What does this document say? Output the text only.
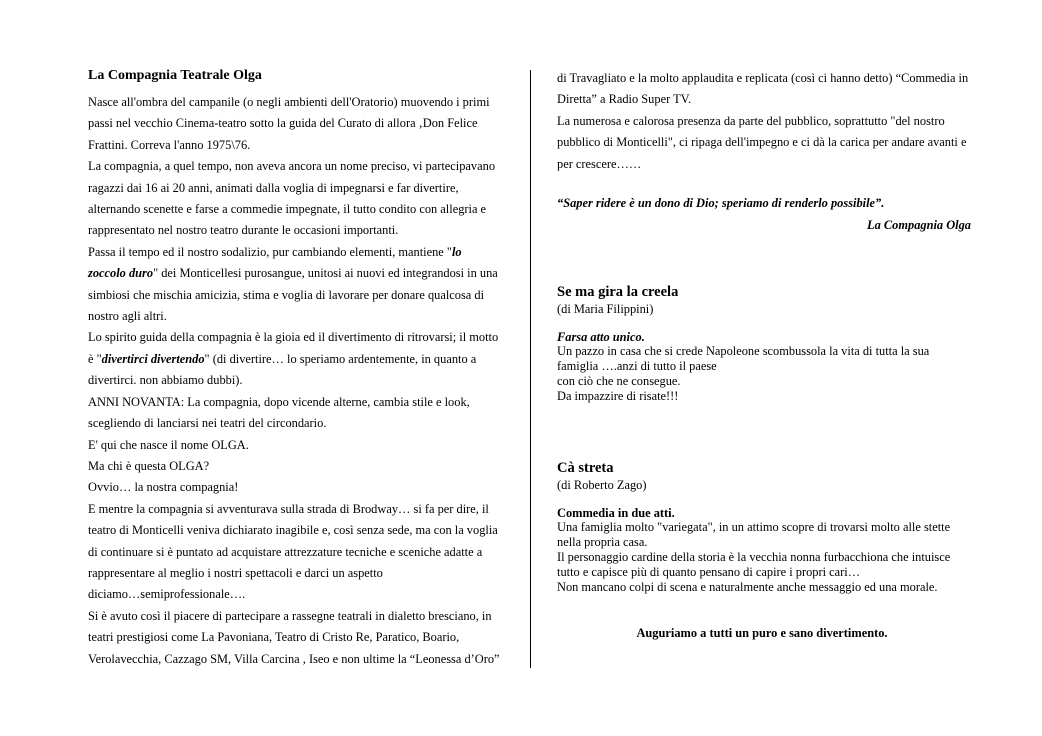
La Compagnia Teatrale Olga
Nasce all'ombra del campanile (o negli ambienti dell'Oratorio) muovendo i primi
passi nel vecchio Cinema-teatro sotto la guida del Curato di allora ‚Don Felice
Frattini. Correva l'anno 1975\76.
La compagnia, a quel tempo, non aveva ancora un nome preciso, vi partecipavano
ragazzi dai 16 ai 20 anni, animati dalla voglia di impegnarsi e far divertire,
alternando scenette e farse a commedie impegnate, il tutto condito con allegria e
rappresentato nel nostro teatro durante le occasioni importanti.
Passa il tempo ed il nostro sodalizio, pur cambiando elementi, mantiene "lo
zoccolo duro" dei Monticellesi purosangue, unitosi ai nuovi ed integrandosi in una
simbiosi che mischia amicizia, stima e voglia di lavorare per donare qualcosa di
nostro agli altri.
Lo spirito guida della compagnia è la gioia ed il divertimento di ritrovarsi; il motto
è "divertirci divertendo" (di divertire… lo speriamo ardentemente, in quanto a
divertirci. non abbiamo dubbi).
ANNI NOVANTA: La compagnia, dopo vicende alterne, cambia stile e look,
scegliendo di lanciarsi nei teatri del circondario.
E' qui che nasce il nome OLGA.
Ma chi è questa OLGA?
Ovvio… la nostra compagnia!
E mentre la compagnia si avventurava sulla strada di Brodway… si fa per dire, il
teatro di Monticelli veniva dichiarato inagibile e, così senza sede, ma con la voglia
di continuare si è puntato ad acquistare attrezzature tecniche e sceniche adatte a
rappresentare al meglio i nostri spettacoli e darci un aspetto
diciamo…semiprofessionale….
Si è avuto così il piacere di partecipare a rassegne teatrali in dialetto bresciano, in
teatri prestigiosi come La Pavoniana, Teatro di Cristo Re, Paratico, Boario,
Verolavecchia, Cazzago SM, Villa Carcina , Iseo e non ultime la “Leonessa d’Oro”
di Travagliato e la molto applaudita e replicata (così ci hanno detto) “Commedia in
Diretta” a Radio Super TV.
La numerosa e calorosa presenza da parte del pubblico, soprattutto "del nostro
pubblico di Monticelli", ci ripaga dell'impegno e ci dà la carica per andare avanti e
per crescere……
“Saper ridere è un dono di Dio; speriamo di renderlo possibile”.
La Compagnia Olga
Se ma gira la creela
(di Maria Filippini)
Farsa atto unico.
Un pazzo in casa che si crede Napoleone scombussola la vita di tutta la sua
famiglia ….anzi di tutto il paese
con ciò che ne consegue.
Da impazzire di risate!!!
Cà streta
(di Roberto Zago)
Commedia in due atti.
Una famiglia molto "variegata", in un attimo scopre di trovarsi molto alle stette
nella propria casa.
Il personaggio cardine della storia è la vecchia nonna furbacchiona che intuisce
tutto e capisce più di quanto pensano di capire i propri cari…
Non mancano colpi di scena e naturalmente anche messaggio ed una morale.
Auguriamo a tutti un puro e sano divertimento.
